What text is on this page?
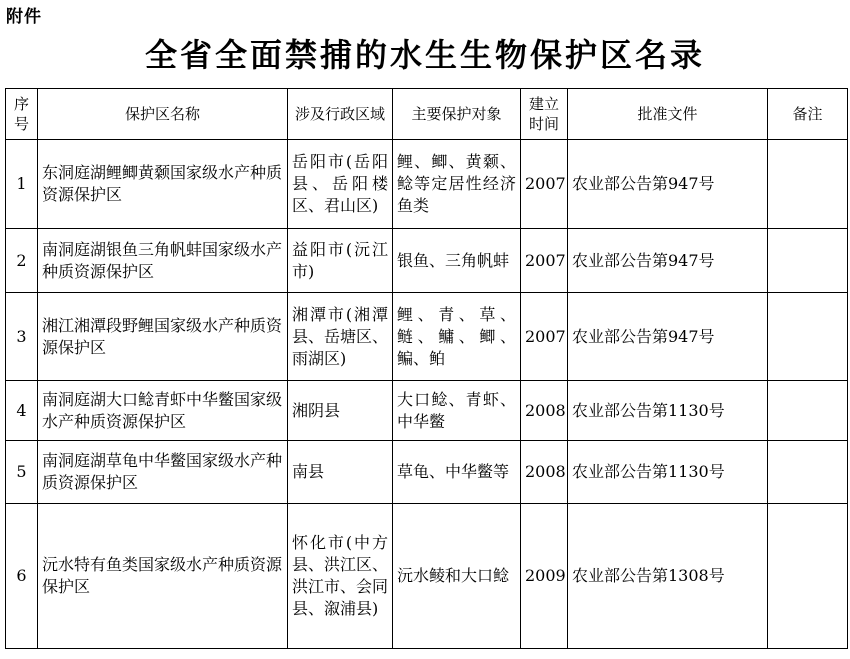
附件
全省全面禁捕的水生生物保护区名录
序号	保护区名称	涉及行政区域	主要保护对象	建立时间	批准文件	备注
1	东洞庭湖鲤鲫黄颡国家级水产种质资源保护区	岳阳市(岳阳县、岳阳楼区、君山区)	鲤、鲫、黄颡、鲶等定居性经济鱼类	2007	农业部公告第947号	
2	南洞庭湖银鱼三角帆蚌国家级水产种质资源保护区	益阳市(沅江市)	银鱼、三角帆蚌	2007	农业部公告第947号	
3	湘江湘潭段野鲤国家级水产种质资源保护区	湘潭市(湘潭县、岳塘区、雨湖区)	鲤、青、草、鲢、鳙、鲫、鳊、鲌	2007	农业部公告第947号	
4	南洞庭湖大口鲶青虾中华鳖国家级水产种质资源保护区	湘阴县	大口鲶、青虾、中华鳖	2008	农业部公告第1130号	
5	南洞庭湖草龟中华鳖国家级水产种质资源保护区	南县	草龟、中华鳖等	2008	农业部公告第1130号	
6	沅水特有鱼类国家级水产种质资源保护区	怀化市(中方县、洪江区、洪江市、会同县、溆浦县)	沅水鲮和大口鲶	2009	农业部公告第1308号	
